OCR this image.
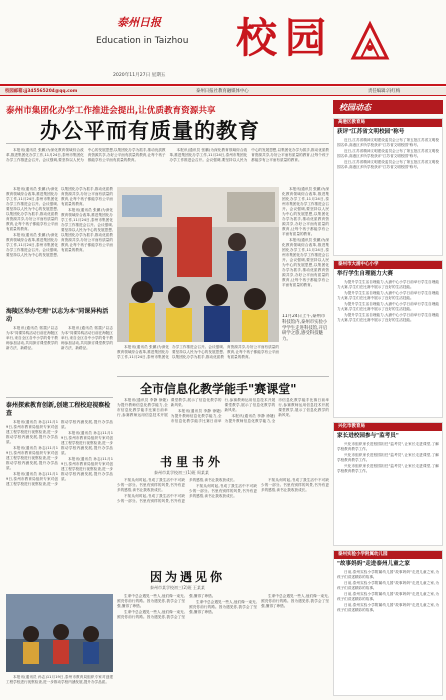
泰州日报
Education in Taizhou
2020年11月27日 星期五
校园
校园邮箱:jj345565204@qq.com	泰州日报社教育融媒体中心	责任编辑:冯红梅
泰州市集团化办学工作推进会提出,让优质教育资源共享
办公平而有质量的教育

本报讯(通讯员 张鹏)为深化教育领域综合改革,推进集团化办学工作,11月24日,泰州市集团化办学工作推进会召开。会议强调,要坚持以人民为中心的发展思想,以集团化办学为抓手,推动优质教育资源共享,办好公平而有质量的教育,让每个孩子都能享有公平而有质量的教育。

本报讯(通讯员 张鹏)为深化教育领域综合改革,推进集团化办学工作,11月24日,泰州市集团化办学工作推进会召开。会议强调,要坚持以人民为中心的发展思想,以集团化办学为抓手,推动优质教育资源共享,办好公平而有质量的教育,让每个孩子都能享有公平而有质量的教育。

11月24日上午,泰州市科技馆内,泰州市实验小学学生走进科技馆,开启研学之旅,感受科技魅力。

本报讯(通讯员 张鹏)为深化教育领域综合改革,推进集团化办学工作,11月24日,泰州市集团化办学工作推进会召开。会议强调,要坚持以人民为中心的发展思想,以集团化办学为抓手,推动优质教育资源共享,办好公平而有质量的教育,让每个孩子都能享有公平而有质量的教育。

本报讯(通讯员 张鹏)为深化教育领域综合改革,推进集团化办学工作,11月24日,泰州市集团化办学工作推进会召开。会议强调,要坚持以人民为中心的发展思想,以集团化办学为抓手,推动优质教育资源共享,办好公平而有质量的教育,让每个孩子都能享有公平而有质量的教育。

本报讯(通讯员 张鹏)为深化教育领域综合改革,推进集团化办学工作,11月24日,泰州市集团化办学工作推进会召开。会议强调,要坚持以人民为中心的发展思想,以集团化办学为抓手,推动优质教育资源共享,办好公平而有质量的教育,让每个孩子都能享有公平而有质量的教育。

海陵区举办宅理"以志为本"同课异构活动

本报讯(通讯员 郭震)"以志为本"同课异构活动日前在海陵区举行,来自全区各中小学的骨干教师参加活动,共同探讨课堂教学的新方法、新路径。

本报讯(通讯员 郭震)"以志为本"同课异构活动日前在海陵区举行,来自全区各中小学的骨干教师参加活动,共同探讨课堂教学的新方法、新路径。

泰州探索教育创新,创建工程校迎视察检查

本报讯(通讯员 孙志)11月19日,泰州市教育局组织专家对创建工程学校进行视察检查,进一步推动学校内涵发展,提升办学品质。

本报讯(通讯员 孙志)11月19日,泰州市教育局组织专家对创建工程学校进行视察检查,进一步推动学校内涵发展,提升办学品质。

本报讯(通讯员 孙志)11月19日,泰州市教育局组织专家对创建工程学校进行视察检查,进一步推动学校内涵发展,提升办学品质。

本报讯(通讯员 孙志)11月19日,泰州市教育局组织专家对创建工程学校进行视察检查,进一步推动学校内涵发展,提升办学品质。

本报讯(通讯员 孙志)11月19日,泰州市教育局组织专家对创建工程学校进行视察检查,进一步推动学校内涵发展,提升办学品质。

本报讯(通讯员 孙志)11月19日,泰州市教育局组织专家对创建工程学校进行视察检查,进一步推动学校内涵发展,提升办学品质。

本报讯(通讯员 张鹏)为深化教育领域综合改革,推进集团化办学工作,11月24日,泰州市集团化办学工作推进会召开。会议强调,要坚持以人民为中心的发展思想,以集团化办学为抓手,推动优质教育资源共享,办好公平而有质量的教育,让每个孩子都能享有公平而有质量的教育。

本报讯(通讯员 张鹏)为深化教育领域综合改革,推进集团化办学工作,11月24日,泰州市集团化办学工作推进会召开。会议强调,要坚持以人民为中心的发展思想,以集团化办学为抓手,推动优质教育资源共享,办好公平而有质量的教育,让每个孩子都能享有公平而有质量的教育。

本报讯(通讯员 张鹏)为深化教育领域综合改革,推进集团化办学工作,11月24日,泰州市集团化办学工作推进会召开。会议强调,要坚持以人民为中心的发展思想,以集团化办学为抓手,推动优质教育资源共享,办好公平而有质量的教育,让每个孩子都能享有公平而有质量的教育。

全市信息化教学能手"赛课堂"

本报讯(通讯员 李静 徐婕)为提升教师信息化教学能力,全市信息化教学能手比赛日前举行,参赛教师运用信息技术开展课堂教学,展示了信息化教学的新风采。

本报讯(通讯员 李静 徐婕)为提升教师信息化教学能力,全市信息化教学能手比赛日前举行,参赛教师运用信息技术开展课堂教学,展示了信息化教学的新风采。

本报讯(通讯员 李静 徐婕)为提升教师信息化教学能力,全市信息化教学能手比赛日前举行,参赛教师运用信息技术开展课堂教学,展示了信息化教学的新风采。

书里书外
泰州市某学校初三(1)班 周某某

不知从何时起,书成了我生活中不可缺少的一部分。书里有别样的风景,书外有更多的感悟,读书让我收获成长。

不知从何时起,书成了我生活中不可缺少的一部分。书里有别样的风景,书外有更多的感悟,读书让我收获成长。

不知从何时起,书成了我生活中不可缺少的一部分。书里有别样的风景,书外有更多的感悟,读书让我收获成长。

不知从何时起,书成了我生活中不可缺少的一部分。书里有别样的风景,书外有更多的感悟,读书让我收获成长。

因为遇见你
泰州市某学校初三(2)班 王某某

生命中总会遇见一些人,他们像一束光,照亮你前行的路。因为遇见你,我学会了坚强,懂得了珍惜。

生命中总会遇见一些人,他们像一束光,照亮你前行的路。因为遇见你,我学会了坚强,懂得了珍惜。

生命中总会遇见一些人,他们像一束光,照亮你前行的路。因为遇见你,我学会了坚强,懂得了珍惜。

生命中总会遇见一些人,他们像一束光,照亮你前行的路。因为遇见你,我学会了坚强,懂得了珍惜。

校园动态
高港区教育局
获评"江苏省文明校园"称号

近日,江苏省精神文明建设委员会公布了第五批江苏省文明校园名单,高港区多所学校获评"江苏省文明校园"称号。

近日,江苏省精神文明建设委员会公布了第五批江苏省文明校园名单,高港区多所学校获评"江苏省文明校园"称号。

近日,江苏省精神文明建设委员会公布了第五批江苏省文明校园名单,高港区多所学校获评"江苏省文明校园"称号。

泰州市大浦中心小学
举行学生自理能力大赛

为提升学生生活自理能力,大浦中心小学日前举行学生自理能力大赛,学生们在比赛中展示了良好的生活技能。

为提升学生生活自理能力,大浦中心小学日前举行学生自理能力大赛,学生们在比赛中展示了良好的生活技能。

为提升学生生活自理能力,大浦中心小学日前举行学生自理能力大赛,学生们在比赛中展示了良好的生活技能。

为提升学生生活自理能力,大浦中心小学日前举行学生自理能力大赛,学生们在比赛中展示了良好的生活技能。

兴化市教育局
家长进校园参与"监考员"

兴化市组织家长进校园担任"监考员",让家长走进课堂,了解学校教育教学工作。

兴化市组织家长进校园担任"监考员",让家长走进课堂,了解学校教育教学工作。

兴化市组织家长进校园担任"监考员",让家长走进课堂,了解学校教育教学工作。

泰州实验小学附属幼儿园
"故事妈妈"走进泰州儿童之家

日前,泰州实验小学附属幼儿园"故事妈妈"走进儿童之家,为孩子们讲述精彩的故事。

日前,泰州实验小学附属幼儿园"故事妈妈"走进儿童之家,为孩子们讲述精彩的故事。

日前,泰州实验小学附属幼儿园"故事妈妈"走进儿童之家,为孩子们讲述精彩的故事。

日前,泰州实验小学附属幼儿园"故事妈妈"走进儿童之家,为孩子们讲述精彩的故事。
